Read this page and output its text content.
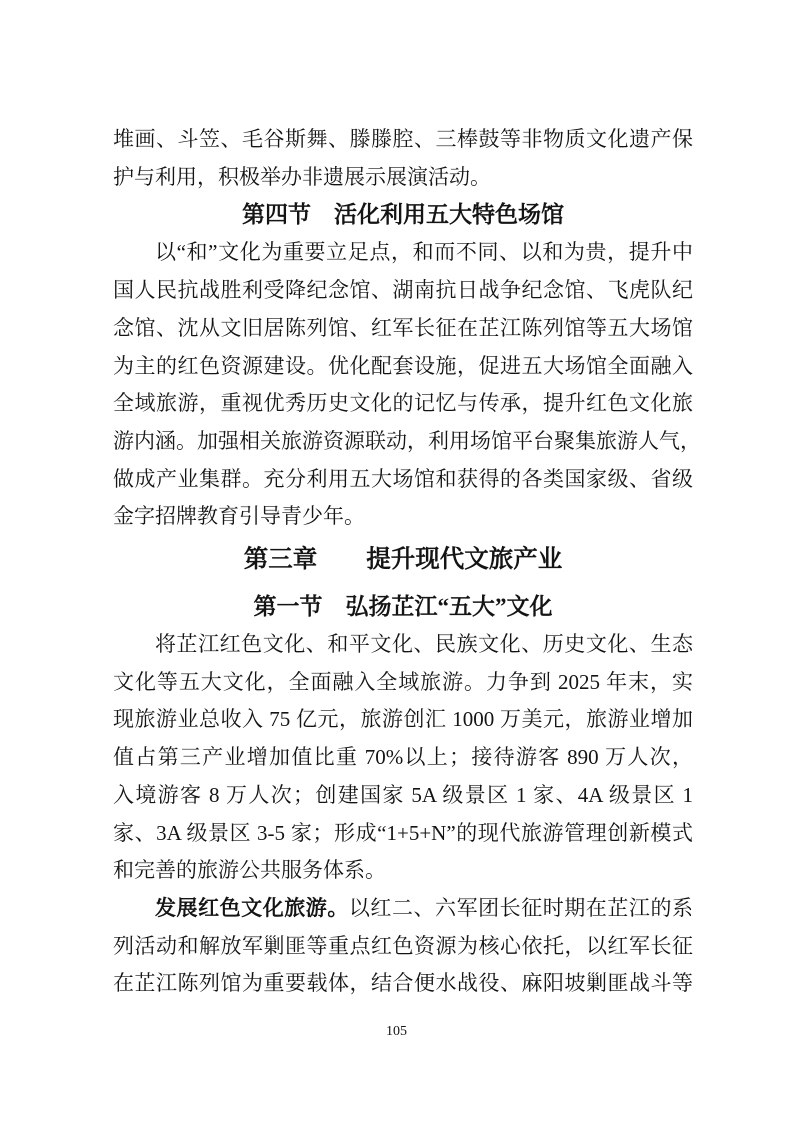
堆画、斗笠、毛谷斯舞、滕滕腔、三棒鼓等非物质文化遗产保
护与利用，积极举办非遗展示展演活动。
第四节　活化利用五大特色场馆
以“和”文化为重要立足点，和而不同、以和为贵，提升中
国人民抗战胜利受降纪念馆、湖南抗日战争纪念馆、飞虎队纪
念馆、沈从文旧居陈列馆、红军长征在芷江陈列馆等五大场馆
为主的红色资源建设。优化配套设施，促进五大场馆全面融入
全域旅游，重视优秀历史文化的记忆与传承，提升红色文化旅
游内涵。加强相关旅游资源联动，利用场馆平台聚集旅游人气，
做成产业集群。充分利用五大场馆和获得的各类国家级、省级
金字招牌教育引导青少年。
第三章　　提升现代文旅产业
第一节　弘扬芷江“五大”文化
将芷江红色文化、和平文化、民族文化、历史文化、生态
文化等五大文化，全面融入全域旅游。力争到 2025 年末，实
现旅游业总收入 75 亿元，旅游创汇 1000 万美元，旅游业增加
值占第三产业增加值比重 70%以上；接待游客 890 万人次，
入境游客 8 万人次；创建国家 5A 级景区 1 家、4A 级景区 1
家、3A 级景区 3-5 家；形成“1+5+N”的现代旅游管理创新模式
和完善的旅游公共服务体系。
发展红色文化旅游。以红二、六军团长征时期在芷江的系
列活动和解放军剿匪等重点红色资源为核心依托，以红军长征
在芷江陈列馆为重要载体，结合便水战役、麻阳坡剿匪战斗等
105
